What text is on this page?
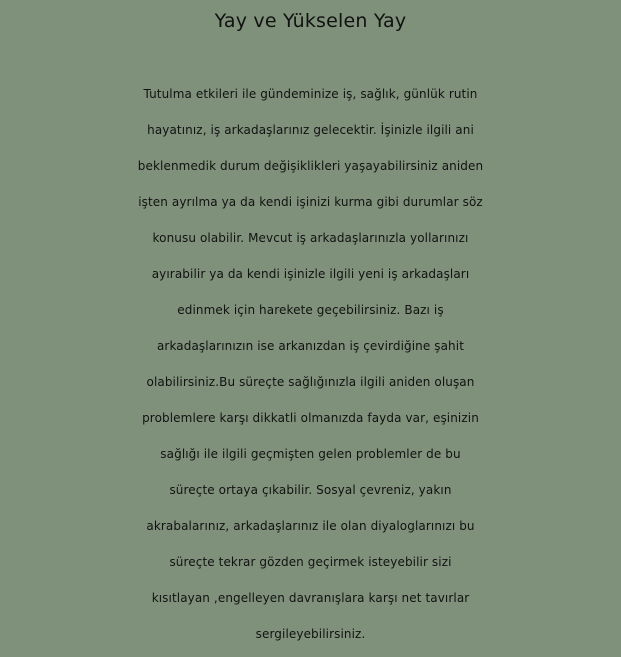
Yay ve Yükselen Yay
Tutulma etkileri ile gündeminize iş, sağlık, günlük rutin
hayatınız, iş arkadaşlarınız gelecektir. İşinizle ilgili ani
beklenmedik durum değişiklikleri yaşayabilirsiniz aniden
işten ayrılma ya da kendi işinizi kurma gibi durumlar söz
konusu olabilir. Mevcut iş arkadaşlarınızla yollarınızı
ayırabilir ya da kendi işinizle ilgili yeni iş arkadaşları
edinmek için harekete geçebilirsiniz. Bazı iş
arkadaşlarınızın ise arkanızdan iş çevirdiğine şahit
olabilirsiniz.Bu süreçte sağlığınızla ilgili aniden oluşan
problemlere karşı dikkatli olmanızda fayda var, eşinizin
sağlığı ile ilgili geçmişten gelen problemler de bu
süreçte ortaya çıkabilir. Sosyal çevreniz, yakın
akrabalarınız, arkadaşlarınız ile olan diyaloglarınızı bu
süreçte tekrar gözden geçirmek isteyebilir sizi
kısıtlayan ,engelleyen davranışlara karşı net tavırlar
sergileyebilirsiniz.
